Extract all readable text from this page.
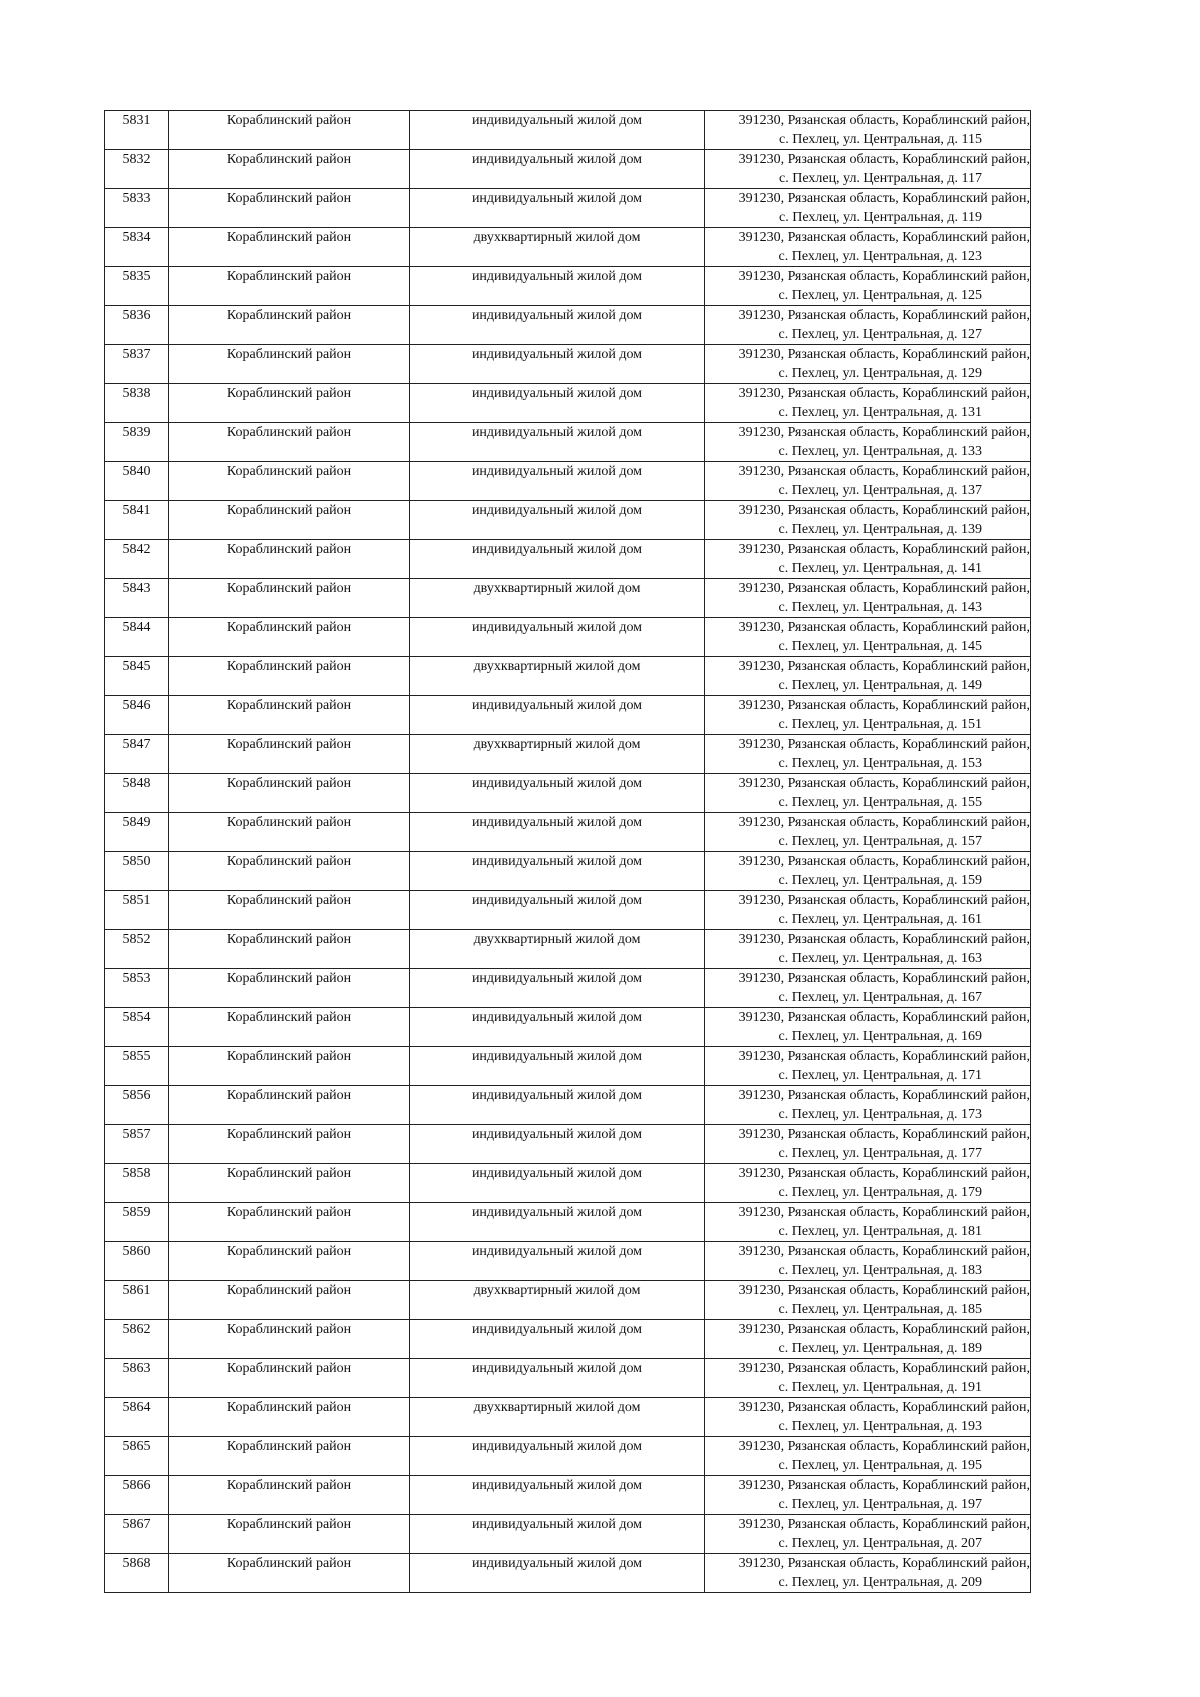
5831	Кораблинский район	индивидуальный жилой дом	391230, Рязанская область, Кораблинский район,
с. Пехлец, ул. Центральная, д. 115

5832	Кораблинский район	индивидуальный жилой дом	391230, Рязанская область, Кораблинский район,
с. Пехлец, ул. Центральная, д. 117

5833	Кораблинский район	индивидуальный жилой дом	391230, Рязанская область, Кораблинский район,
с. Пехлец, ул. Центральная, д. 119

5834	Кораблинский район	двухквартирный жилой дом	391230, Рязанская область, Кораблинский район,
с. Пехлец, ул. Центральная, д. 123

5835	Кораблинский район	индивидуальный жилой дом	391230, Рязанская область, Кораблинский район,
с. Пехлец, ул. Центральная, д. 125

5836	Кораблинский район	индивидуальный жилой дом	391230, Рязанская область, Кораблинский район,
с. Пехлец, ул. Центральная, д. 127

5837	Кораблинский район	индивидуальный жилой дом	391230, Рязанская область, Кораблинский район,
с. Пехлец, ул. Центральная, д. 129

5838	Кораблинский район	индивидуальный жилой дом	391230, Рязанская область, Кораблинский район,
с. Пехлец, ул. Центральная, д. 131

5839	Кораблинский район	индивидуальный жилой дом	391230, Рязанская область, Кораблинский район,
с. Пехлец, ул. Центральная, д. 133

5840	Кораблинский район	индивидуальный жилой дом	391230, Рязанская область, Кораблинский район,
с. Пехлец, ул. Центральная, д. 137

5841	Кораблинский район	индивидуальный жилой дом	391230, Рязанская область, Кораблинский район,
с. Пехлец, ул. Центральная, д. 139

5842	Кораблинский район	индивидуальный жилой дом	391230, Рязанская область, Кораблинский район,
с. Пехлец, ул. Центральная, д. 141

5843	Кораблинский район	двухквартирный жилой дом	391230, Рязанская область, Кораблинский район,
с. Пехлец, ул. Центральная, д. 143

5844	Кораблинский район	индивидуальный жилой дом	391230, Рязанская область, Кораблинский район,
с. Пехлец, ул. Центральная, д. 145

5845	Кораблинский район	двухквартирный жилой дом	391230, Рязанская область, Кораблинский район,
с. Пехлец, ул. Центральная, д. 149

5846	Кораблинский район	индивидуальный жилой дом	391230, Рязанская область, Кораблинский район,
с. Пехлец, ул. Центральная, д. 151

5847	Кораблинский район	двухквартирный жилой дом	391230, Рязанская область, Кораблинский район,
с. Пехлец, ул. Центральная, д. 153

5848	Кораблинский район	индивидуальный жилой дом	391230, Рязанская область, Кораблинский район,
с. Пехлец, ул. Центральная, д. 155

5849	Кораблинский район	индивидуальный жилой дом	391230, Рязанская область, Кораблинский район,
с. Пехлец, ул. Центральная, д. 157

5850	Кораблинский район	индивидуальный жилой дом	391230, Рязанская область, Кораблинский район,
с. Пехлец, ул. Центральная, д. 159

5851	Кораблинский район	индивидуальный жилой дом	391230, Рязанская область, Кораблинский район,
с. Пехлец, ул. Центральная, д. 161

5852	Кораблинский район	двухквартирный жилой дом	391230, Рязанская область, Кораблинский район,
с. Пехлец, ул. Центральная, д. 163

5853	Кораблинский район	индивидуальный жилой дом	391230, Рязанская область, Кораблинский район,
с. Пехлец, ул. Центральная, д. 167

5854	Кораблинский район	индивидуальный жилой дом	391230, Рязанская область, Кораблинский район,
с. Пехлец, ул. Центральная, д. 169

5855	Кораблинский район	индивидуальный жилой дом	391230, Рязанская область, Кораблинский район,
с. Пехлец, ул. Центральная, д. 171

5856	Кораблинский район	индивидуальный жилой дом	391230, Рязанская область, Кораблинский район,
с. Пехлец, ул. Центральная, д. 173

5857	Кораблинский район	индивидуальный жилой дом	391230, Рязанская область, Кораблинский район,
с. Пехлец, ул. Центральная, д. 177

5858	Кораблинский район	индивидуальный жилой дом	391230, Рязанская область, Кораблинский район,
с. Пехлец, ул. Центральная, д. 179

5859	Кораблинский район	индивидуальный жилой дом	391230, Рязанская область, Кораблинский район,
с. Пехлец, ул. Центральная, д. 181

5860	Кораблинский район	индивидуальный жилой дом	391230, Рязанская область, Кораблинский район,
с. Пехлец, ул. Центральная, д. 183

5861	Кораблинский район	двухквартирный жилой дом	391230, Рязанская область, Кораблинский район,
с. Пехлец, ул. Центральная, д. 185

5862	Кораблинский район	индивидуальный жилой дом	391230, Рязанская область, Кораблинский район,
с. Пехлец, ул. Центральная, д. 189

5863	Кораблинский район	индивидуальный жилой дом	391230, Рязанская область, Кораблинский район,
с. Пехлец, ул. Центральная, д. 191

5864	Кораблинский район	двухквартирный жилой дом	391230, Рязанская область, Кораблинский район,
с. Пехлец, ул. Центральная, д. 193

5865	Кораблинский район	индивидуальный жилой дом	391230, Рязанская область, Кораблинский район,
с. Пехлец, ул. Центральная, д. 195

5866	Кораблинский район	индивидуальный жилой дом	391230, Рязанская область, Кораблинский район,
с. Пехлец, ул. Центральная, д. 197

5867	Кораблинский район	индивидуальный жилой дом	391230, Рязанская область, Кораблинский район,
с. Пехлец, ул. Центральная, д. 207

5868	Кораблинский район	индивидуальный жилой дом	391230, Рязанская область, Кораблинский район,
с. Пехлец, ул. Центральная, д. 209
